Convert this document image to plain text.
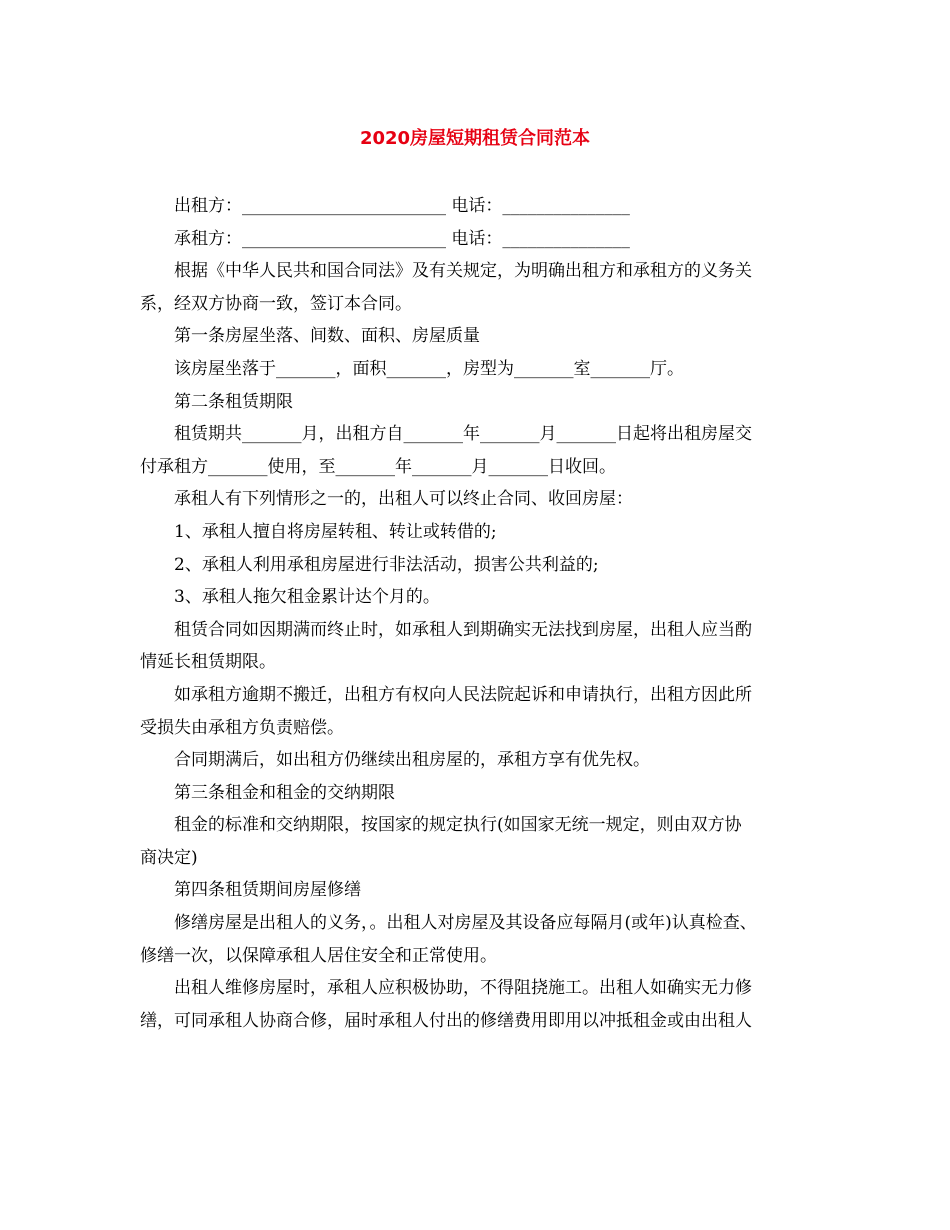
2020房屋短期租赁合同范本
出租方：________________________ 电话：_______________
承租方：________________________ 电话：_______________
根据《中华人民共和国合同法》及有关规定，为明确出租方和承租方的义务关
系，经双方协商一致，签订本合同。
第一条房屋坐落、间数、面积、房屋质量
该房屋坐落于_______，面积_______，房型为_______室_______厅。
第二条租赁期限
租赁期共_______月，出租方自_______年_______月_______日起将出租房屋交
付承租方_______使用，至_______年_______月_______日收回。
承租人有下列情形之一的，出租人可以终止合同、收回房屋：
1、承租人擅自将房屋转租、转让或转借的;
2、承租人利用承租房屋进行非法活动，损害公共利益的;
3、承租人拖欠租金累计达个月的。
租赁合同如因期满而终止时，如承租人到期确实无法找到房屋，出租人应当酌
情延长租赁期限。
如承租方逾期不搬迁，出租方有权向人民法院起诉和申请执行，出租方因此所
受损失由承租方负责赔偿。
合同期满后，如出租方仍继续出租房屋的，承租方享有优先权。
第三条租金和租金的交纳期限
租金的标准和交纳期限，按国家的规定执行(如国家无统一规定，则由双方协
商决定)
第四条租赁期间房屋修缮
修缮房屋是出租人的义务，。出租人对房屋及其设备应每隔月(或年)认真检查、
修缮一次，以保障承租人居住安全和正常使用。
出租人维修房屋时，承租人应积极协助，不得阻挠施工。出租人如确实无力修
缮，可同承租人协商合修，届时承租人付出的修缮费用即用以冲抵租金或由出租人
